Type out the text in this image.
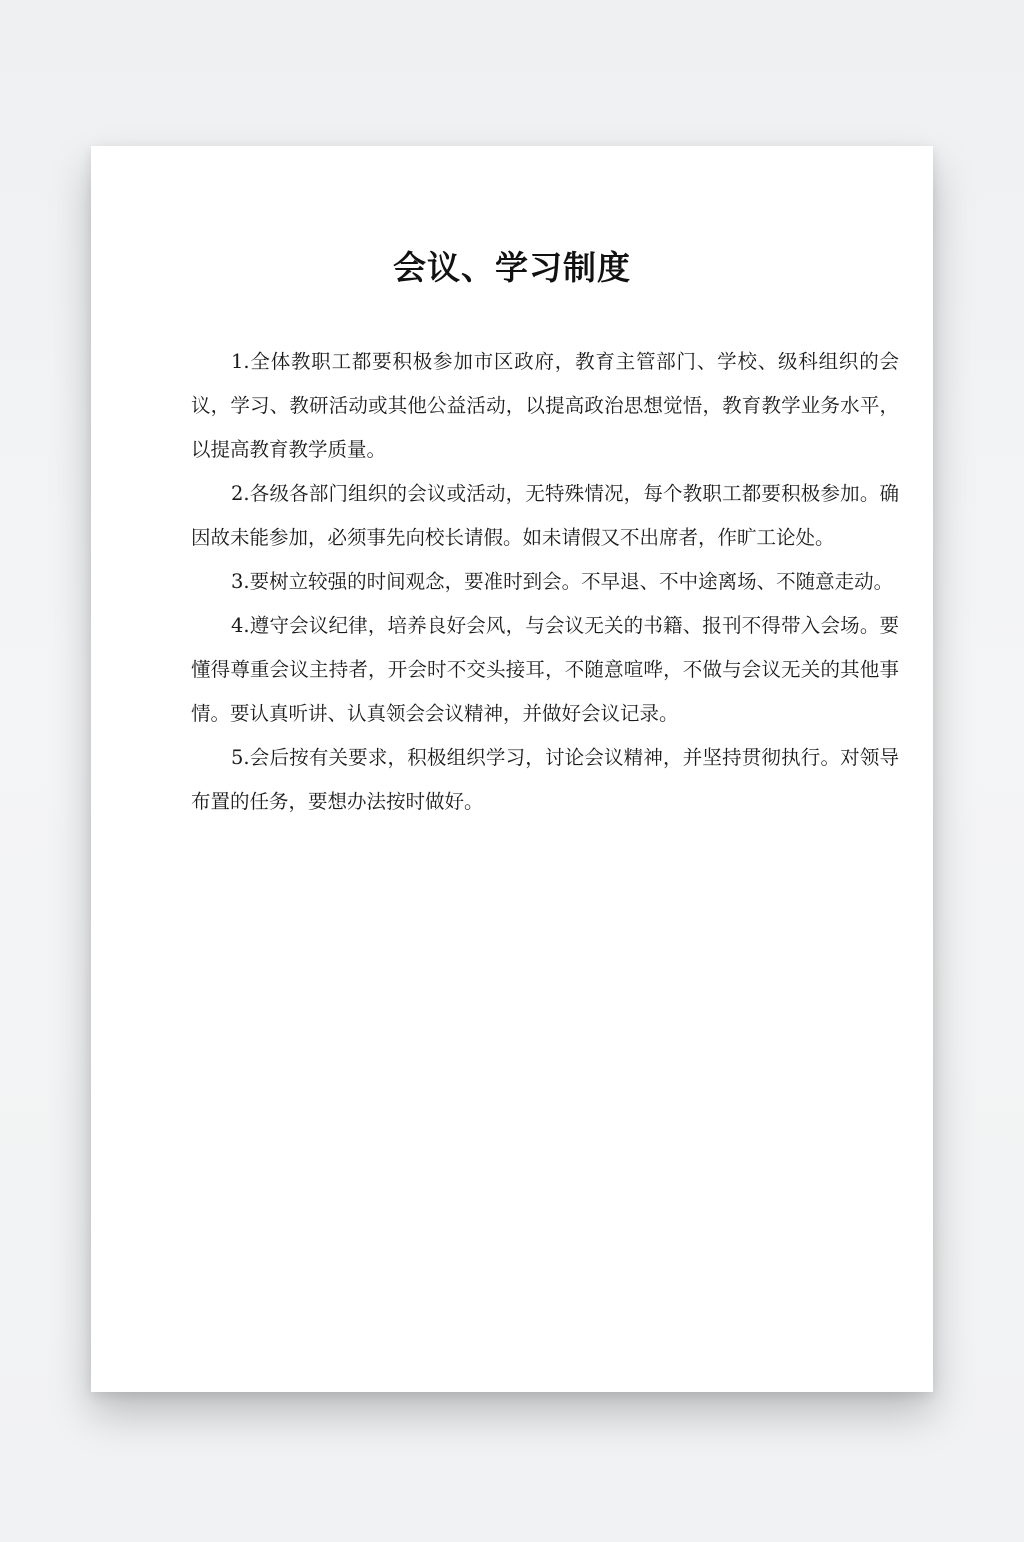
会议、学习制度

1.全体教职工都要积极参加市区政府，教育主管部门、学校、级科组织的会议，学习、教研活动或其他公益活动，以提高政治思想觉悟，教育教学业务水平，以提高教育教学质量。

2.各级各部门组织的会议或活动，无特殊情况，每个教职工都要积极参加。确因故未能参加，必须事先向校长请假。如未请假又不出席者，作旷工论处。

3.要树立较强的时间观念，要准时到会。不早退、不中途离场、不随意走动。

4.遵守会议纪律，培养良好会风，与会议无关的书籍、报刊不得带入会场。要懂得尊重会议主持者，开会时不交头接耳，不随意喧哗，不做与会议无关的其他事情。要认真听讲、认真领会会议精神，并做好会议记录。

5.会后按有关要求，积极组织学习，讨论会议精神，并坚持贯彻执行。对领导布置的任务，要想办法按时做好。
